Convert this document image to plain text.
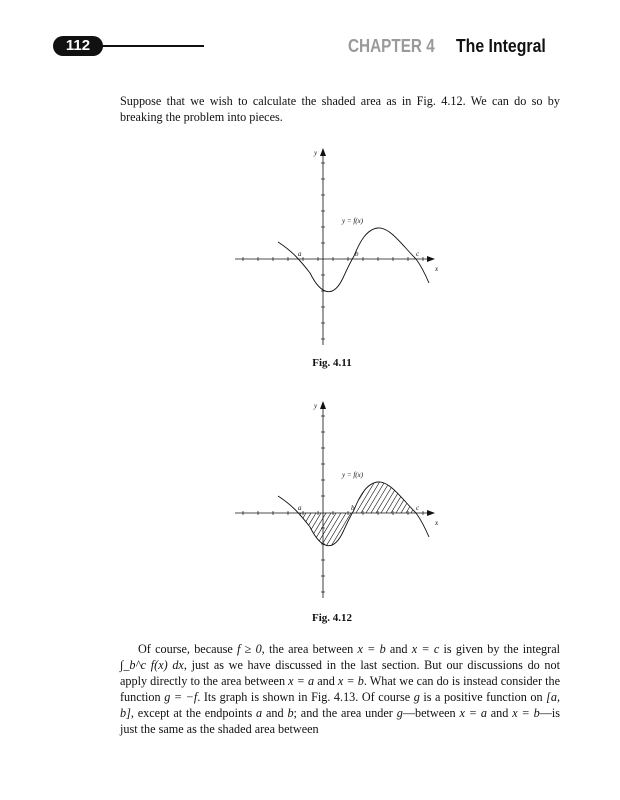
112	CHAPTER 4 The Integral

Suppose that we wish to calculate the shaded area as in Fig. 4.12. We can do so by breaking the problem into pieces.

y
x
y = f(x)
a	b	c
Fig. 4.11
y
x
y = f(x)
a	b	c
Fig. 4.12

Of course, because f ≥ 0, the area between x = b and x = c is given by the integral ∫_b^c f(x) dx, just as we have discussed in the last section. But our discussions do not apply directly to the area between x = a and x = b. What we can do is instead consider the function g = −f. Its graph is shown in Fig. 4.13. Of course g is a positive function on [a, b], except at the endpoints a and b; and the area under g—between x = a and x = b—is just the same as the shaded area between
